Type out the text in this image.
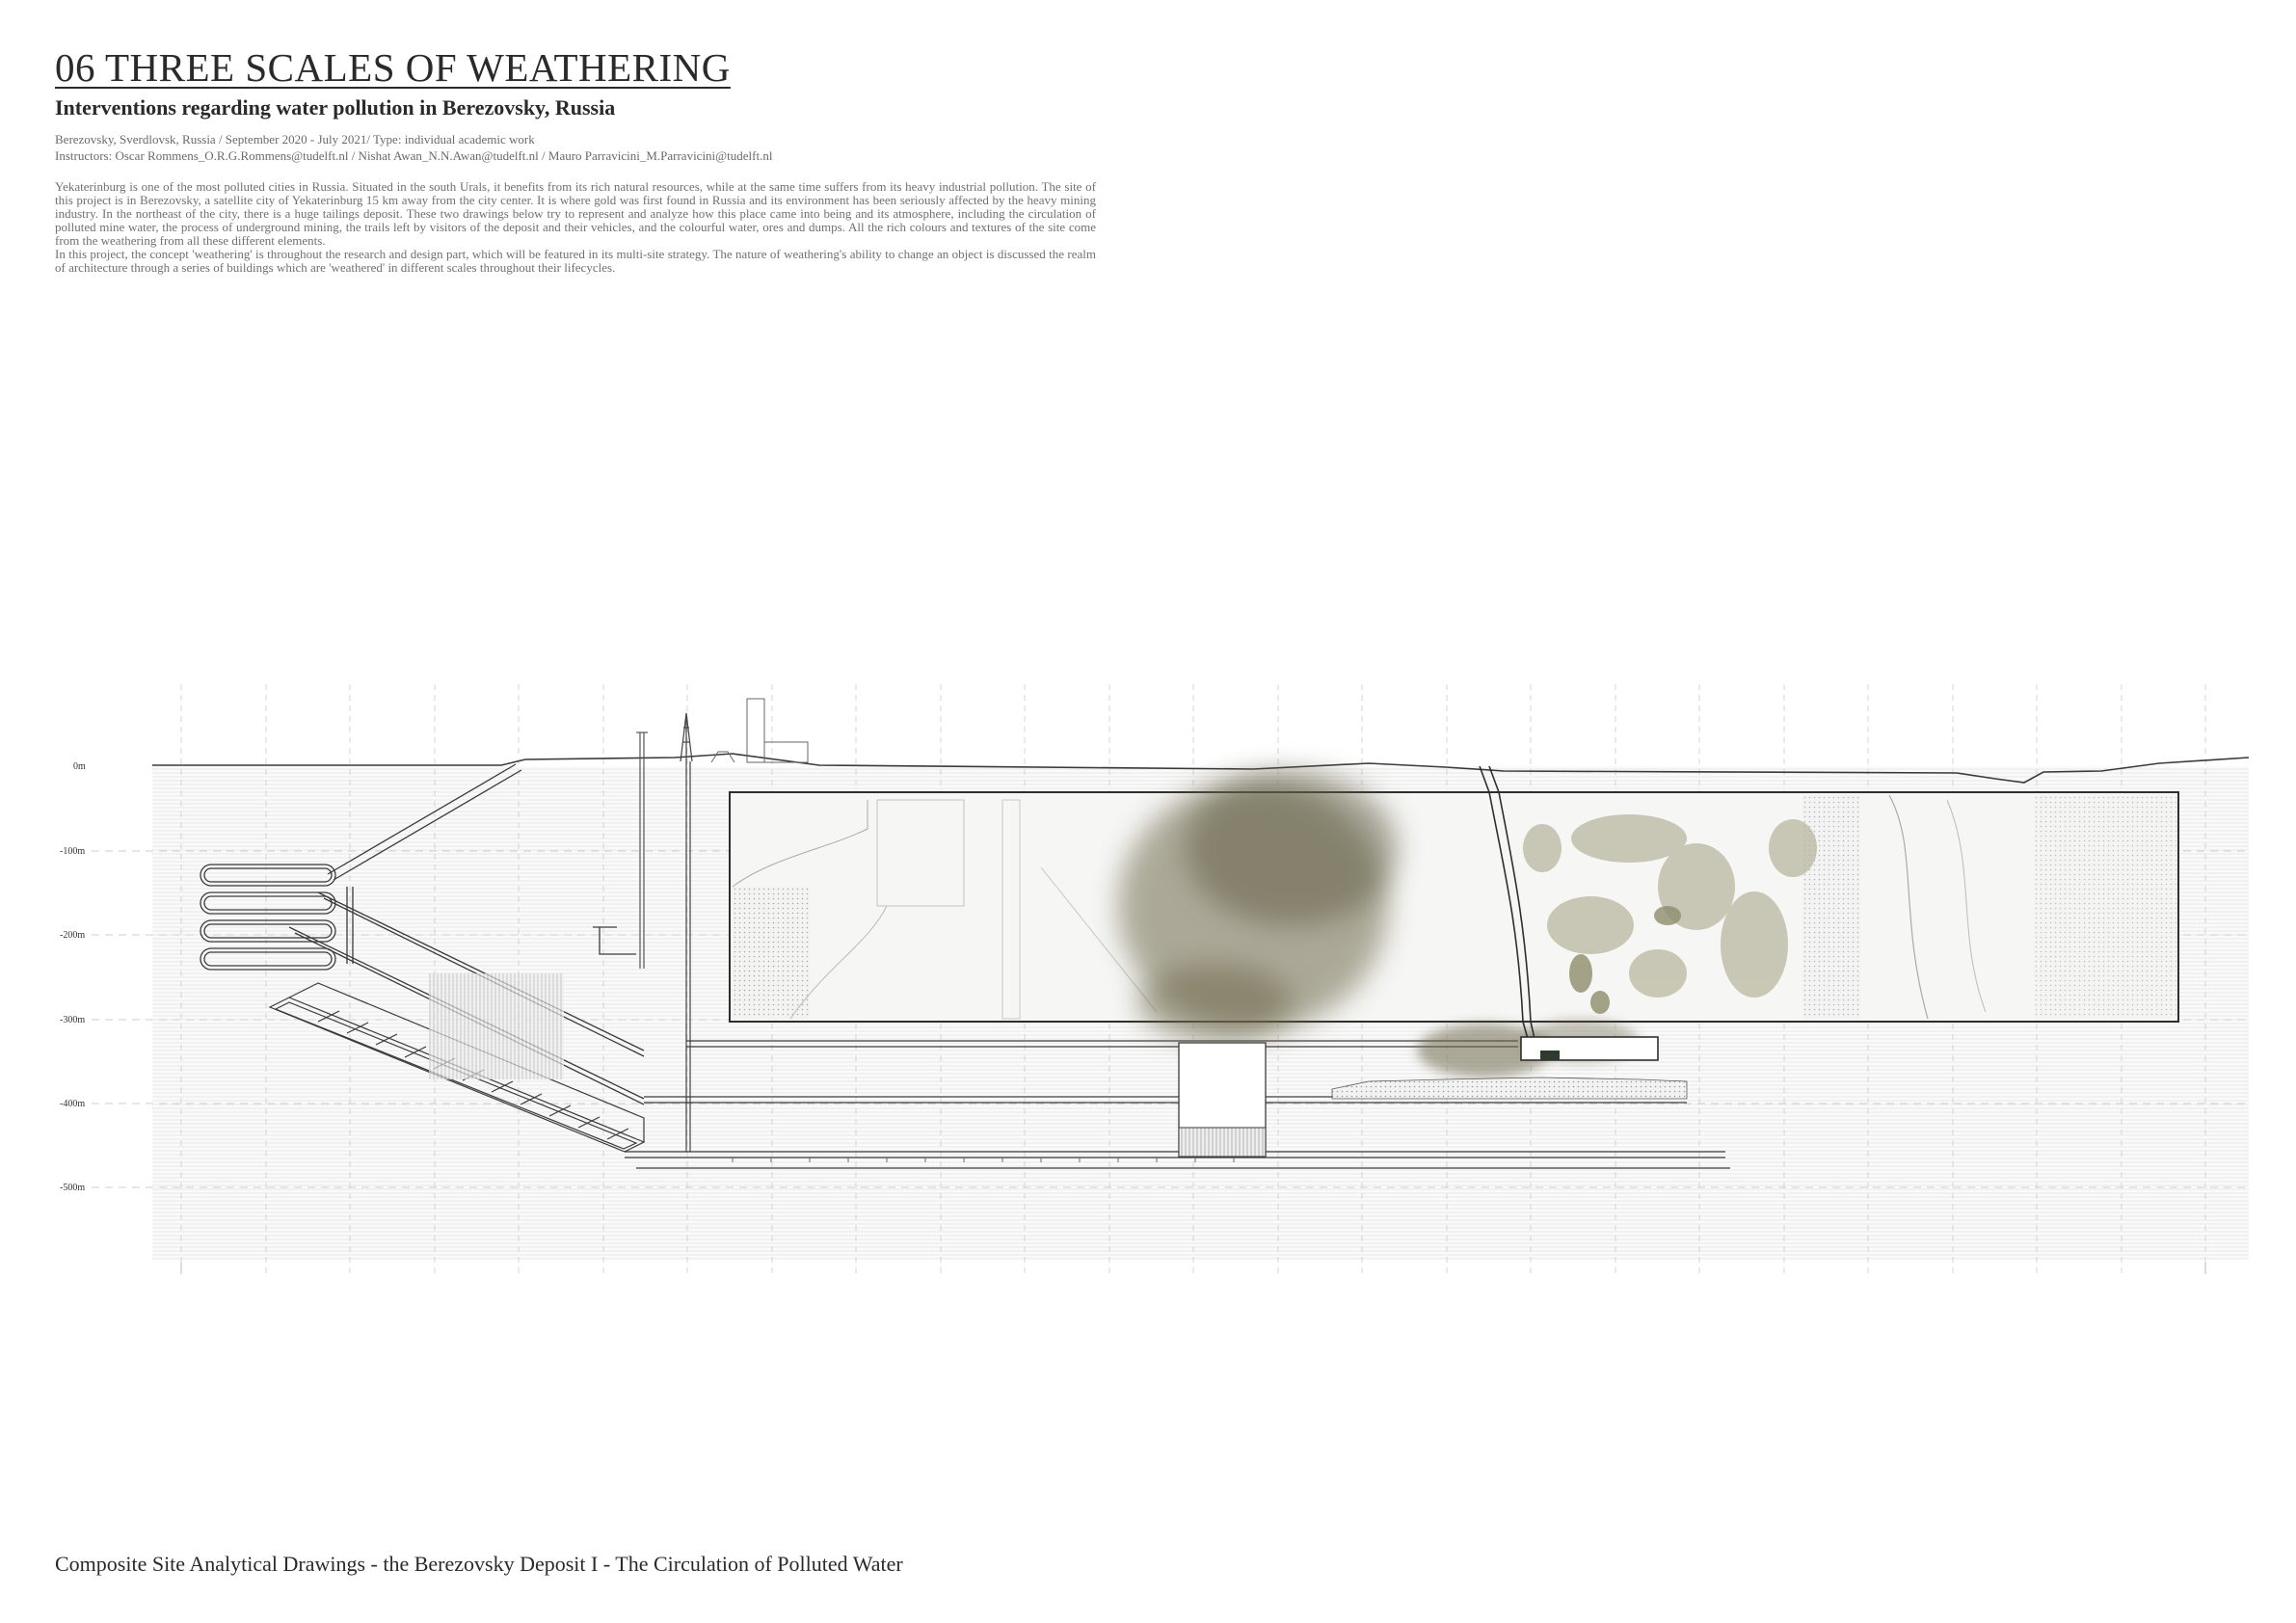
06 THREE SCALES OF WEATHERING
Interventions regarding water pollution in Berezovsky, Russia
Berezovsky, Sverdlovsk, Russia / September 2020 - July 2021/ Type: individual academic work
Instructors: Oscar Rommens_O.R.G.Rommens@tudelft.nl / Nishat Awan_N.N.Awan@tudelft.nl / Mauro Parravicini_M.Parravicini@tudelft.nl

Yekaterinburg is one of the most polluted cities in Russia. Situated in the south Urals, it benefits from its rich natural resources, while at the same time suffers from its heavy industrial pollution. The site of this project is in Berezovsky, a satellite city of Yekaterinburg 15 km away from the city center. It is where gold was first found in Russia and its environment has been seriously affected by the heavy mining industry. In the northeast of the city, there is a huge tailings deposit. These two drawings below try to represent and analyze how this place came into being and its atmosphere, including the circulation of polluted mine water, the process of underground mining, the trails left by visitors of the deposit and their vehicles, and the colourful water, ores and dumps. All the rich colours and textures of the site come from the weathering from all these different elements.

In this project, the concept 'weathering' is throughout the research and design part, which will be featured in its multi-site strategy. The nature of weathering's ability to change an object is discussed the realm of architecture through a series of buildings which are 'weathered' in different scales throughout their lifecycles.

0m
-100m
-200m
-300m
-400m
-500m
Composite Site Analytical Drawings - the Berezovsky Deposit I - The Circulation of Polluted Water
